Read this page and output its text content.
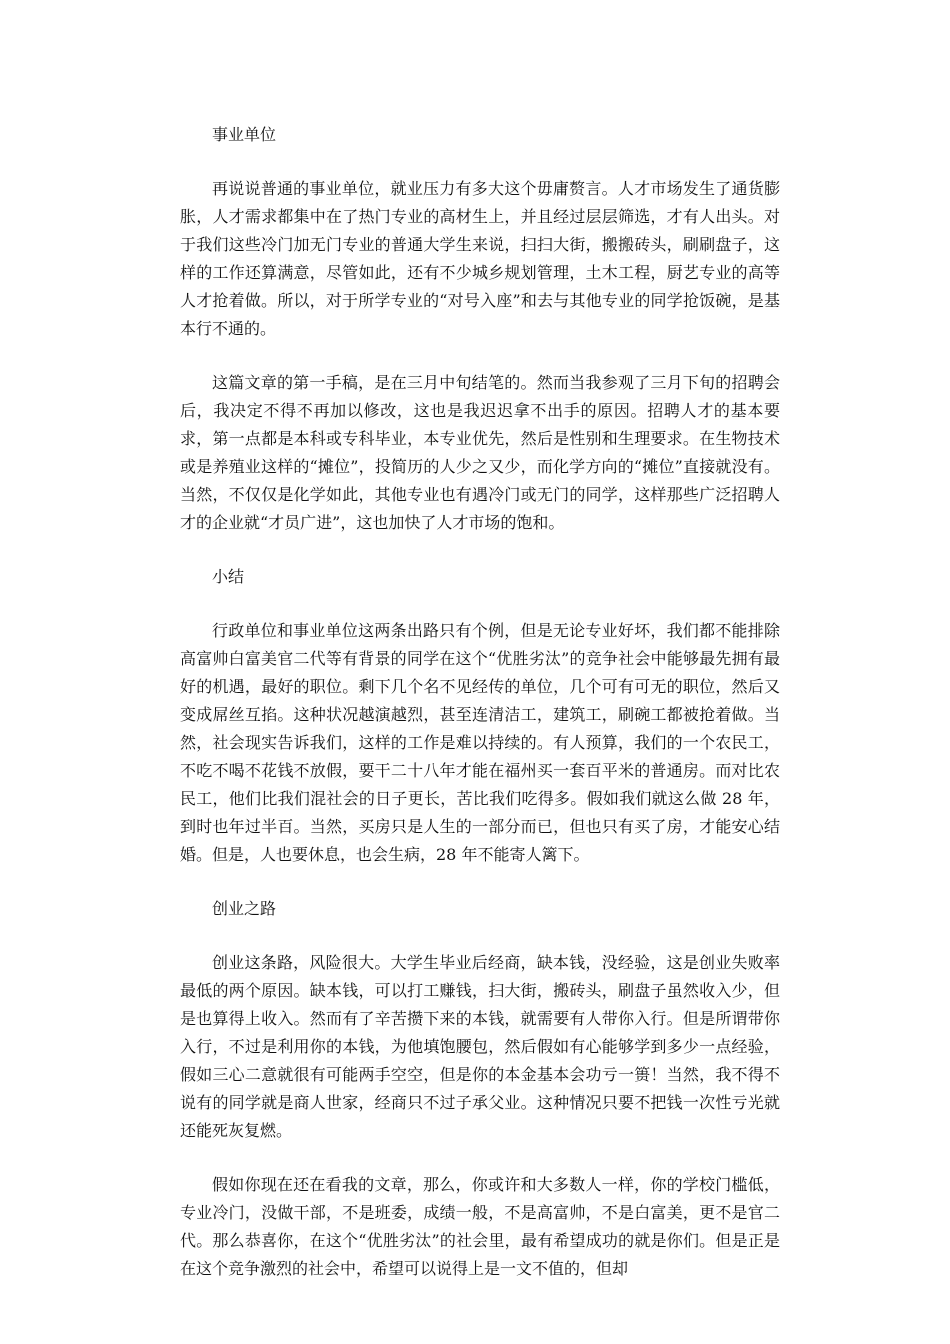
事业单位

再说说普通的事业单位，就业压力有多大这个毋庸赘言。人才市场发生了通货膨胀，人才需求都集中在了热门专业的高材生上，并且经过层层筛选，才有人出头。对于我们这些冷门加无门专业的普通大学生来说，扫扫大街，搬搬砖头，刷刷盘子，这样的工作还算满意，尽管如此，还有不少城乡规划管理，土木工程，厨艺专业的高等人才抢着做。所以，对于所学专业的“对号入座”和去与其他专业的同学抢饭碗，是基本行不通的。

这篇文章的第一手稿，是在三月中旬结笔的。然而当我参观了三月下旬的招聘会后，我决定不得不再加以修改，这也是我迟迟拿不出手的原因。招聘人才的基本要求，第一点都是本科或专科毕业，本专业优先，然后是性别和生理要求。在生物技术或是养殖业这样的“摊位”，投简历的人少之又少，而化学方向的“摊位”直接就没有。当然，不仅仅是化学如此，其他专业也有遇冷门或无门的同学，这样那些广泛招聘人才的企业就“才员广进”，这也加快了人才市场的饱和。

小结

行政单位和事业单位这两条出路只有个例，但是无论专业好坏，我们都不能排除高富帅白富美官二代等有背景的同学在这个“优胜劣汰”的竞争社会中能够最先拥有最好的机遇，最好的职位。剩下几个名不见经传的单位，几个可有可无的职位，然后又变成屌丝互掐。这种状况越演越烈，甚至连清洁工，建筑工，刷碗工都被抢着做。当然，社会现实告诉我们，这样的工作是难以持续的。有人预算，我们的一个农民工，不吃不喝不花钱不放假，要干二十八年才能在福州买一套百平米的普通房。而对比农民工，他们比我们混社会的日子更长，苦比我们吃得多。假如我们就这么做 28 年，到时也年过半百。当然，买房只是人生的一部分而已，但也只有买了房，才能安心结婚。但是，人也要休息，也会生病，28 年不能寄人篱下。

创业之路

创业这条路，风险很大。大学生毕业后经商，缺本钱，没经验，这是创业失败率最低的两个原因。缺本钱，可以打工赚钱，扫大街，搬砖头，刷盘子虽然收入少，但是也算得上收入。然而有了辛苦攒下来的本钱，就需要有人带你入行。但是所谓带你入行，不过是利用你的本钱，为他填饱腰包，然后假如有心能够学到多少一点经验，假如三心二意就很有可能两手空空，但是你的本金基本会功亏一篑！当然，我不得不说有的同学就是商人世家，经商只不过子承父业。这种情况只要不把钱一次性亏光就还能死灰复燃。

假如你现在还在看我的文章，那么，你或许和大多数人一样，你的学校门槛低，专业冷门，没做干部，不是班委，成绩一般，不是高富帅，不是白富美，更不是官二代。那么恭喜你，在这个“优胜劣汰”的社会里，最有希望成功的就是你们。但是正是在这个竞争激烈的社会中，希望可以说得上是一文不值的，但却
